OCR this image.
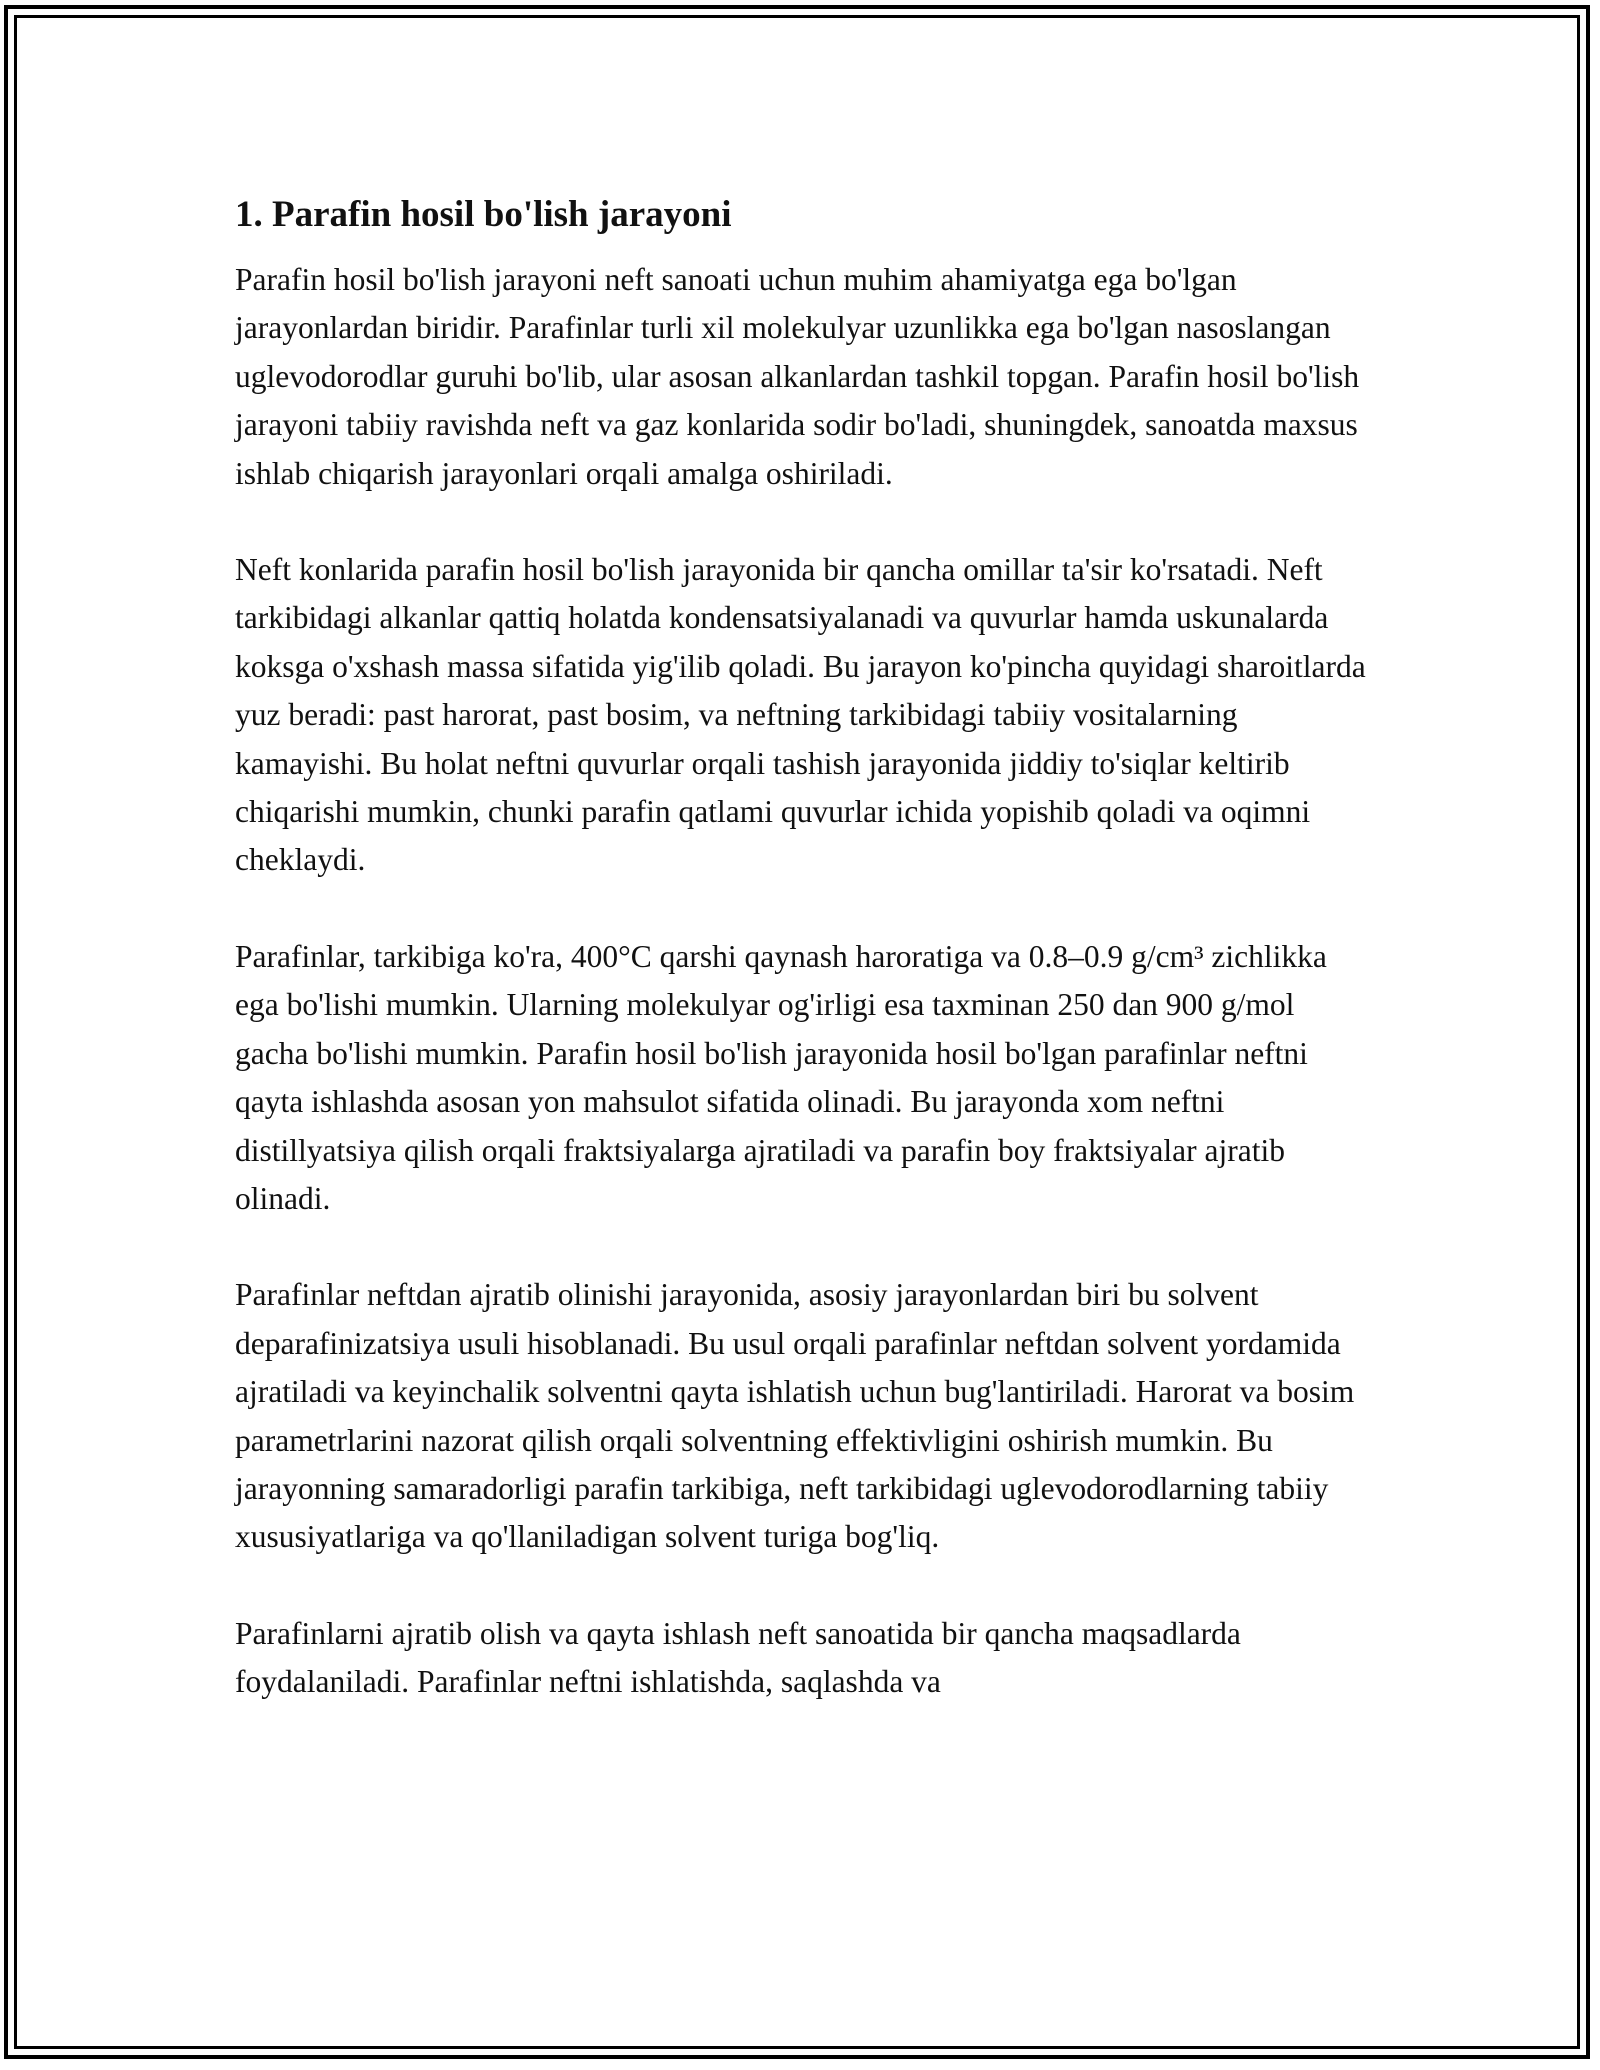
1. Parafin hosil bo'lish jarayoni

Parafin hosil bo'lish jarayoni neft sanoati uchun muhim ahamiyatga ega bo'lgan jarayonlardan biridir. Parafinlar turli xil molekulyar uzunlikka ega bo'lgan nasoslangan uglevodorodlar guruhi bo'lib, ular asosan alkanlardan tashkil topgan. Parafin hosil bo'lish jarayoni tabiiy ravishda neft va gaz konlarida sodir bo'ladi, shuningdek, sanoatda maxsus ishlab chiqarish jarayonlari orqali amalga oshiriladi.

Neft konlarida parafin hosil bo'lish jarayonida bir qancha omillar ta'sir ko'rsatadi. Neft tarkibidagi alkanlar qattiq holatda kondensatsiyalanadi va quvurlar hamda uskunalarda koksga o'xshash massa sifatida yig'ilib qoladi. Bu jarayon ko'pincha quyidagi sharoitlarda yuz beradi: past harorat, past bosim, va neftning tarkibidagi tabiiy vositalarning kamayishi. Bu holat neftni quvurlar orqali tashish jarayonida jiddiy to'siqlar keltirib chiqarishi mumkin, chunki parafin qatlami quvurlar ichida yopishib qoladi va oqimni cheklaydi.

Parafinlar, tarkibiga ko'ra, 400°C qarshi qaynash haroratiga va 0.8–0.9 g/cm³ zichlikka ega bo'lishi mumkin. Ularning molekulyar og'irligi esa taxminan 250 dan 900 g/mol gacha bo'lishi mumkin. Parafin hosil bo'lish jarayonida hosil bo'lgan parafinlar neftni qayta ishlashda asosan yon mahsulot sifatida olinadi. Bu jarayonda xom neftni distillyatsiya qilish orqali fraktsiyalarga ajratiladi va parafin boy fraktsiyalar ajratib olinadi.

Parafinlar neftdan ajratib olinishi jarayonida, asosiy jarayonlardan biri bu solvent deparafinizatsiya usuli hisoblanadi. Bu usul orqali parafinlar neftdan solvent yordamida ajratiladi va keyinchalik solventni qayta ishlatish uchun bug'lantiriladi. Harorat va bosim parametrlarini nazorat qilish orqali solventning effektivligini oshirish mumkin. Bu jarayonning samaradorligi parafin tarkibiga, neft tarkibidagi uglevodorodlarning tabiiy xususiyatlariga va qo'llaniladigan solvent turiga bog'liq.

Parafinlarni ajratib olish va qayta ishlash neft sanoatida bir qancha maqsadlarda foydalaniladi. Parafinlar neftni ishlatishda, saqlashda va
